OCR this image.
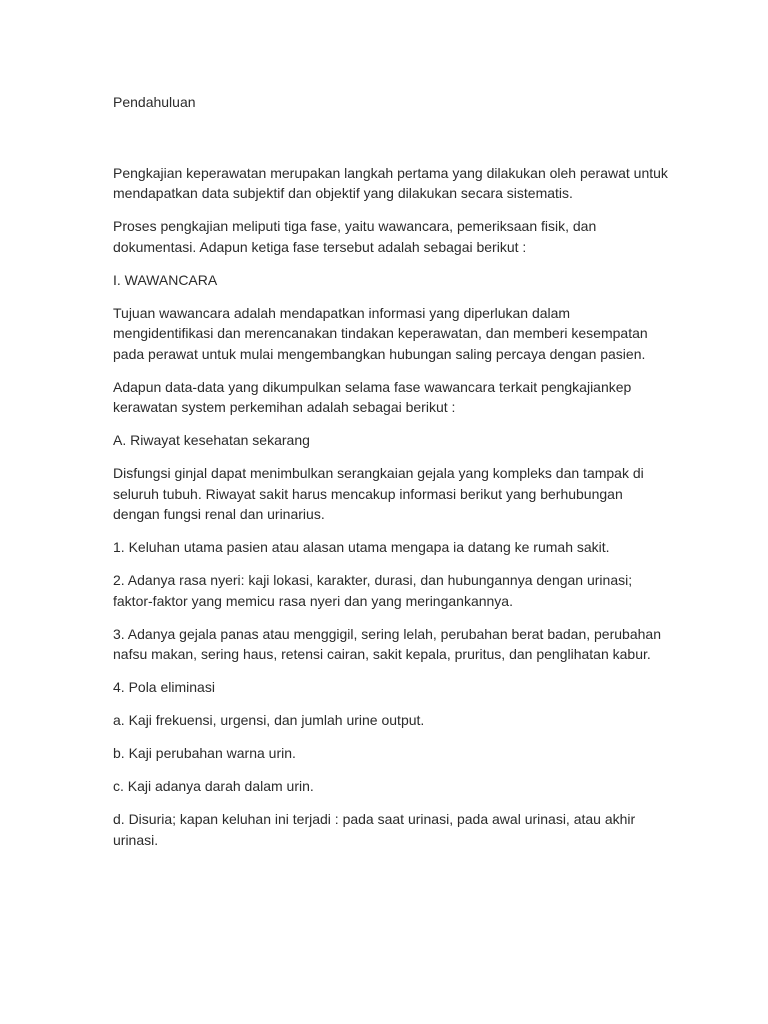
Pendahuluan

Pengkajian keperawatan merupakan langkah pertama yang dilakukan oleh perawat untuk mendapatkan data subjektif dan objektif yang dilakukan secara sistematis.

Proses pengkajian meliputi tiga fase, yaitu wawancara, pemeriksaan fisik, dan dokumentasi. Adapun ketiga fase tersebut adalah sebagai berikut :

I. WAWANCARA

Tujuan wawancara adalah mendapatkan informasi yang diperlukan dalam mengidentifikasi dan merencanakan tindakan keperawatan, dan memberi kesempatan pada perawat untuk mulai mengembangkan hubungan saling percaya dengan pasien.

Adapun data-data yang dikumpulkan selama fase wawancara terkait pengkajiankep kerawatan system perkemihan adalah sebagai berikut :

A. Riwayat kesehatan sekarang

Disfungsi ginjal dapat menimbulkan serangkaian gejala yang kompleks dan tampak di seluruh tubuh. Riwayat sakit harus mencakup informasi berikut yang berhubungan dengan fungsi renal dan urinarius.

1. Keluhan utama pasien atau alasan utama mengapa ia datang ke rumah sakit.

2. Adanya rasa nyeri: kaji lokasi, karakter, durasi, dan hubungannya dengan urinasi; faktor-faktor yang memicu rasa nyeri dan yang meringankannya.

3. Adanya gejala panas atau menggigil, sering lelah, perubahan berat badan, perubahan nafsu makan, sering haus, retensi cairan, sakit kepala, pruritus, dan penglihatan kabur.

4. Pola eliminasi

a. Kaji frekuensi, urgensi, dan jumlah urine output.

b. Kaji perubahan warna urin.

c. Kaji adanya darah dalam urin.

d. Disuria; kapan keluhan ini terjadi : pada saat urinasi, pada awal urinasi, atau akhir urinasi.
